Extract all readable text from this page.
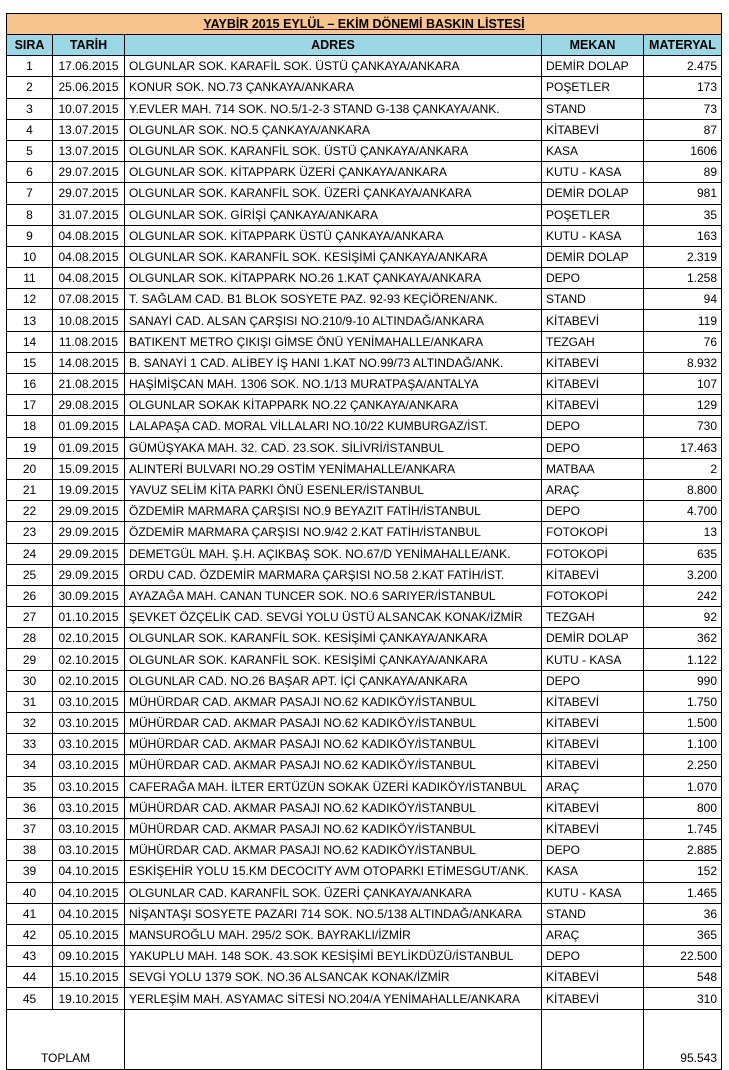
YAYBİR 2015 EYLÜL – EKİM DÖNEMİ BASKIN LİSTESİ				
SIRA	TARİH	ADRES	MEKAN	MATERYAL
1	17.06.2015	OLGUNLAR SOK. KARAFİL SOK. ÜSTÜ ÇANKAYA/ANKARA	DEMİR DOLAP	2.475
2	25.06.2015	KONUR SOK. NO.73 ÇANKAYA/ANKARA	POŞETLER	173
3	10.07.2015	Y.EVLER MAH. 714 SOK. NO.5/1-2-3 STAND G-138 ÇANKAYA/ANK.	STAND	73
4	13.07.2015	OLGUNLAR SOK. NO.5 ÇANKAYA/ANKARA	KİTABEVİ	87
5	13.07.2015	OLGUNLAR SOK. KARANFİL SOK. ÜSTÜ ÇANKAYA/ANKARA	KASA	1606
6	29.07.2015	OLGUNLAR SOK. KİTAPPARK ÜZERİ ÇANKAYA/ANKARA	KUTU - KASA	89
7	29.07.2015	OLGUNLAR SOK. KARANFİL SOK. ÜZERİ ÇANKAYA/ANKARA	DEMİR DOLAP	981
8	31.07.2015	OLGUNLAR SOK. GİRİŞİ ÇANKAYA/ANKARA	POŞETLER	35
9	04.08.2015	OLGUNLAR SOK. KİTAPPARK ÜSTÜ ÇANKAYA/ANKARA	KUTU - KASA	163
10	04.08.2015	OLGUNLAR SOK. KARANFİL SOK. KESİŞİMİ ÇANKAYA/ANKARA	DEMİR DOLAP	2.319
11	04.08.2015	OLGUNLAR SOK. KİTAPPARK NO.26 1.KAT ÇANKAYA/ANKARA	DEPO	1.258
12	07.08.2015	T. SAĞLAM CAD. B1 BLOK SOSYETE PAZ. 92-93 KEÇİÖREN/ANK.	STAND	94
13	10.08.2015	SANAYİ CAD. ALSAN ÇARŞISI NO.210/9-10 ALTINDAĞ/ANKARA	KİTABEVİ	119
14	11.08.2015	BATIKENT METRO ÇIKIŞI GİMSE ÖNÜ YENİMAHALLE/ANKARA	TEZGAH	76
15	14.08.2015	B. SANAYİ 1 CAD. ALİBEY İŞ HANI 1.KAT NO.99/73 ALTINDAĞ/ANK.	KİTABEVİ	8.932
16	21.08.2015	HAŞİMİŞCAN MAH. 1306 SOK. NO.1/13 MURATPAŞA/ANTALYA	KİTABEVİ	107
17	29.08.2015	OLGUNLAR SOKAK KİTAPPARK NO.22 ÇANKAYA/ANKARA	KİTABEVİ	129
18	01.09.2015	LALAPAŞA CAD. MORAL VİLLALARI NO.10/22 KUMBURGAZ/İST.	DEPO	730
19	01.09.2015	GÜMÜŞYAKA MAH. 32. CAD. 23.SOK. SİLİVRİ/İSTANBUL	DEPO	17.463
20	15.09.2015	ALINTERİ BULVARI NO.29 OSTİM YENİMAHALLE/ANKARA	MATBAA	2
21	19.09.2015	YAVUZ SELİM KİTA PARKI ÖNÜ ESENLER/İSTANBUL	ARAÇ	8.800
22	29.09.2015	ÖZDEMİR MARMARA ÇARŞISI NO.9 BEYAZIT FATİH/İSTANBUL	DEPO	4.700
23	29.09.2015	ÖZDEMİR MARMARA ÇARŞISI NO.9/42 2.KAT FATİH/İSTANBUL	FOTOKOPİ	13
24	29.09.2015	DEMETGÜL MAH. Ş.H. AÇIKBAŞ SOK. NO.67/D YENİMAHALLE/ANK.	FOTOKOPİ	635
25	29.09.2015	ORDU CAD. ÖZDEMİR MARMARA ÇARŞISI NO.58 2.KAT FATİH/İST.	KİTABEVİ	3.200
26	30.09.2015	AYAZAĞA MAH. CANAN TUNCER SOK. NO.6 SARIYER/İSTANBUL	FOTOKOPİ	242
27	01.10.2015	ŞEVKET ÖZÇELİK CAD. SEVGİ YOLU ÜSTÜ ALSANCAK KONAK/İZMİR	TEZGAH	92
28	02.10.2015	OLGUNLAR SOK. KARANFİL SOK. KESİŞİMİ ÇANKAYA/ANKARA	DEMİR DOLAP	362
29	02.10.2015	OLGUNLAR SOK. KARANFİL SOK. KESİŞİMİ ÇANKAYA/ANKARA	KUTU - KASA	1.122
30	02.10.2015	OLGUNLAR CAD. NO.26 BAŞAR APT. İÇİ ÇANKAYA/ANKARA	DEPO	990
31	03.10.2015	MÜHÜRDAR CAD. AKMAR PASAJI NO.62 KADIKÖY/İSTANBUL	KİTABEVİ	1.750
32	03.10.2015	MÜHÜRDAR CAD. AKMAR PASAJI NO.62 KADIKÖY/İSTANBUL	KİTABEVİ	1.500
33	03.10.2015	MÜHÜRDAR CAD. AKMAR PASAJI NO.62 KADIKÖY/İSTANBUL	KİTABEVİ	1.100
34	03.10.2015	MÜHÜRDAR CAD. AKMAR PASAJI NO.62 KADIKÖY/İSTANBUL	KİTABEVİ	2.250
35	03.10.2015	CAFERAĞA MAH. İLTER ERTÜZÜN SOKAK ÜZERİ KADIKÖY/İSTANBUL	ARAÇ	1.070
36	03.10.2015	MÜHÜRDAR CAD. AKMAR PASAJI NO.62 KADIKÖY/İSTANBUL	KİTABEVİ	800
37	03.10.2015	MÜHÜRDAR CAD. AKMAR PASAJI NO.62 KADIKÖY/İSTANBUL	KİTABEVİ	1.745
38	03.10.2015	MÜHÜRDAR CAD. AKMAR PASAJI NO.62 KADIKÖY/İSTANBUL	DEPO	2.885
39	04.10.2015	ESKİŞEHİR YOLU 15.KM DECOCITY AVM OTOPARKI ETİMESGUT/ANK.	KASA	152
40	04.10.2015	OLGUNLAR CAD. KARANFİL SOK. ÜZERİ ÇANKAYA/ANKARA	KUTU - KASA	1.465
41	04.10.2015	NİŞANTAŞI SOSYETE PAZARI 714 SOK. NO.5/138 ALTINDAĞ/ANKARA	STAND	36
42	05.10.2015	MANSUROĞLU MAH. 295/2 SOK. BAYRAKLI/İZMİR	ARAÇ	365
43	09.10.2015	YAKUPLU MAH. 148 SOK. 43.SOK KESİŞİMİ BEYLİKDÜZÜ/İSTANBUL	DEPO	22.500
44	15.10.2015	SEVGİ YOLU 1379 SOK. NO.36 ALSANCAK KONAK/İZMİR	KİTABEVİ	548
45	19.10.2015	YERLEŞİM MAH. ASYAMAC SİTESİ NO.204/A YENİMAHALLE/ANKARA	KİTABEVİ	310
TOPLAM				95.543
